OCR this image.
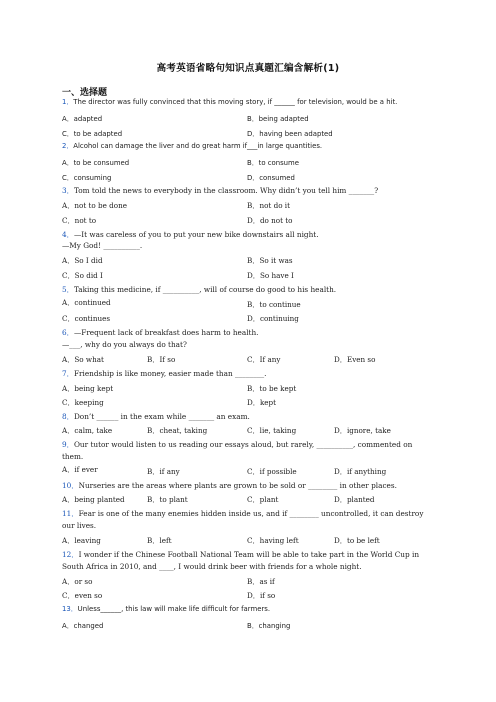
高考英语省略句知识点真题汇编含解析(1)
一、选择题
1．The director was fully convinced that this moving story, if ______ for television, would be a hit.
A．adapted	B．being adapted
C．to be adapted	D．having been adapted
2．Alcohol can damage the liver and do great harm if___in large quantities.
A．to be consumed	B．to consume
C．consuming	D．consumed
3．Tom told the news to everybody in the classroom. Why didn’t you tell him _______?
A．not to be done	B．not do it
C．not to	D．do not to
4．—It was careless of you to put your new bike downstairs all night.
—My God! __________.
A．So I did	B．So it was
C．So did I	D．So have I
5．Taking this medicine, if __________, will of course do good to his health.
A．continued	B．to continue
C．continues	D．continuing
6．—Frequent lack of breakfast does harm to health.
—___, why do you always do that?
A．So what	B．If so	C．If any	D．Even so
7．Friendship is like money, easier made than ________.
A．being kept	B．to be kept
C．keeping	D．kept
8．Don’t ______ in the exam while _______ an exam.
A．calm, take	B．cheat, taking	C．lie, taking	D．ignore, take
9．Our tutor would listen to us reading our essays aloud, but rarely, __________, commented on
them.
A．if ever	B．if any	C．if possible	D．if anything
10．Nurseries are the areas where plants are grown to be sold or ________ in other places.
A．being planted	B．to plant	C．plant	D．planted
11．Fear is one of the many enemies hidden inside us, and if ________ uncontrolled, it can destroy
our lives.
A．leaving	B．left	C．having left	D．to be left
12．I wonder if the Chinese Football National Team will be able to take part in the World Cup in
South Africa in 2010, and ____, I would drink beer with friends for a whole night.
A．or so	B．as if
C．even so	D．if so
13．Unless______, this law will make life difficult for farmers.
A．changed	B．changing
